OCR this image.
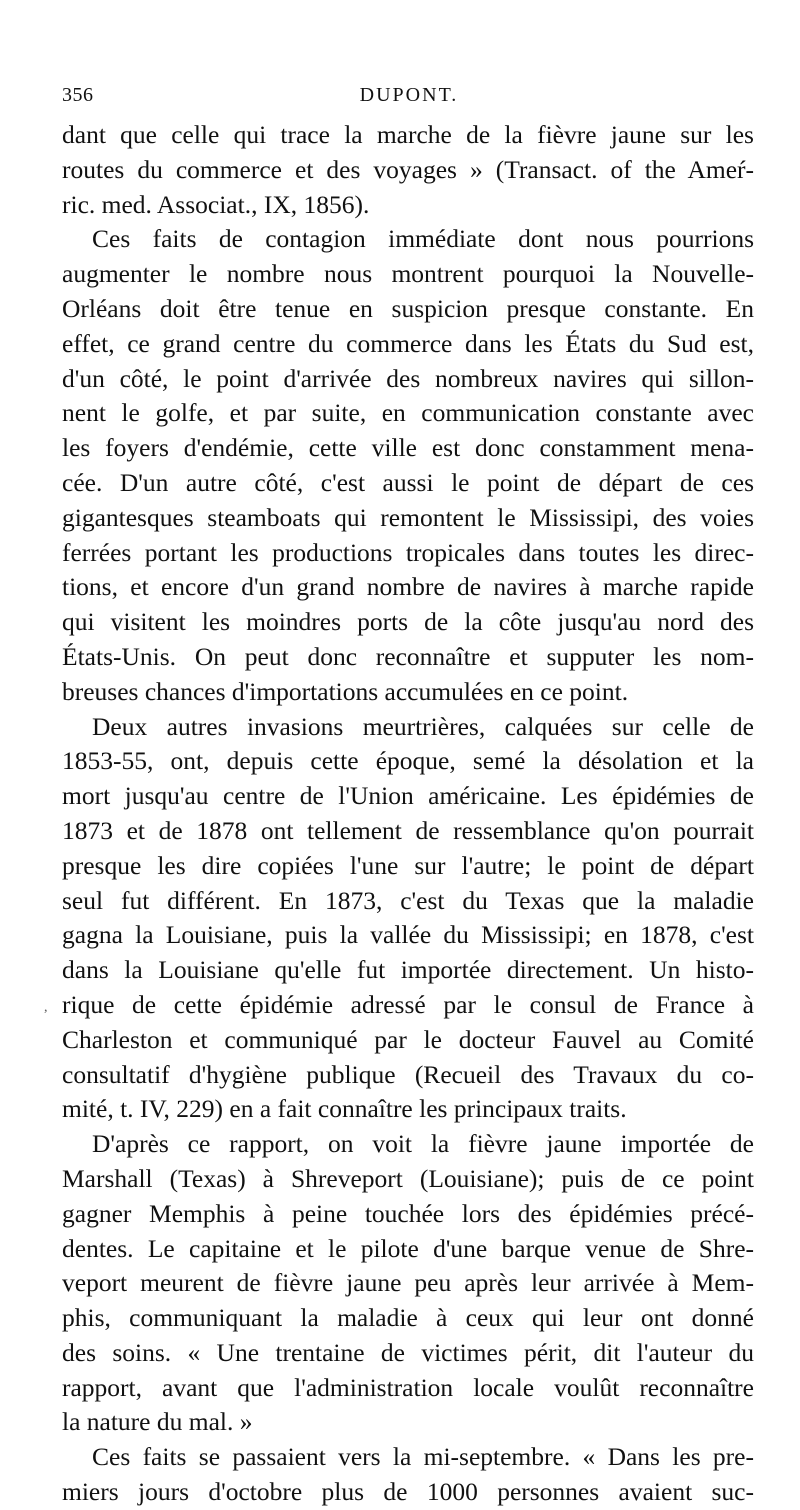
356	DUPONT.
,
dant que celle qui trace la marche de la fièvre jaune sur les
routes du commerce et des voyages » (Transact. of the Ameŕ-
ric. med. Associat., IX, 1856).
Ces faits de contagion immédiate dont nous pourrions
augmenter le nombre nous montrent pourquoi la Nouvelle-
Orléans doit être tenue en suspicion presque constante. En
effet, ce grand centre du commerce dans les États du Sud est,
d'un côté, le point d'arrivée des nombreux navires qui sillon-
nent le golfe, et par suite, en communication constante avec
les foyers d'endémie, cette ville est donc constamment mena-
cée. D'un autre côté, c'est aussi le point de départ de ces
gigantesques steamboats qui remontent le Mississipi, des voies
ferrées portant les productions tropicales dans toutes les direc-
tions, et encore d'un grand nombre de navires à marche rapide
qui visitent les moindres ports de la côte jusqu'au nord des
États-Unis. On peut donc reconnaître et supputer les nom-
breuses chances d'importations accumulées en ce point.
Deux autres invasions meurtrières, calquées sur celle de
1853-55, ont, depuis cette époque, semé la désolation et la
mort jusqu'au centre de l'Union américaine. Les épidémies de
1873 et de 1878 ont tellement de ressemblance qu'on pourrait
presque les dire copiées l'une sur l'autre; le point de départ
seul fut différent. En 1873, c'est du Texas que la maladie
gagna la Louisiane, puis la vallée du Mississipi; en 1878, c'est
dans la Louisiane qu'elle fut importée directement. Un histo-
rique de cette épidémie adressé par le consul de France à
Charleston et communiqué par le docteur Fauvel au Comité
consultatif d'hygiène publique (Recueil des Travaux du co-
mité, t. IV, 229) en a fait connaître les principaux traits.
D'après ce rapport, on voit la fièvre jaune importée de
Marshall (Texas) à Shreveport (Louisiane); puis de ce point
gagner Memphis à peine touchée lors des épidémies précé-
dentes. Le capitaine et le pilote d'une barque venue de Shre-
veport meurent de fièvre jaune peu après leur arrivée à Mem-
phis, communiquant la maladie à ceux qui leur ont donné
des soins. « Une trentaine de victimes périt, dit l'auteur du
rapport, avant que l'administration locale voulût reconnaître
la nature du mal. »
Ces faits se passaient vers la mi-septembre. « Dans les pre-
miers jours d'octobre plus de 1000 personnes avaient suc-
